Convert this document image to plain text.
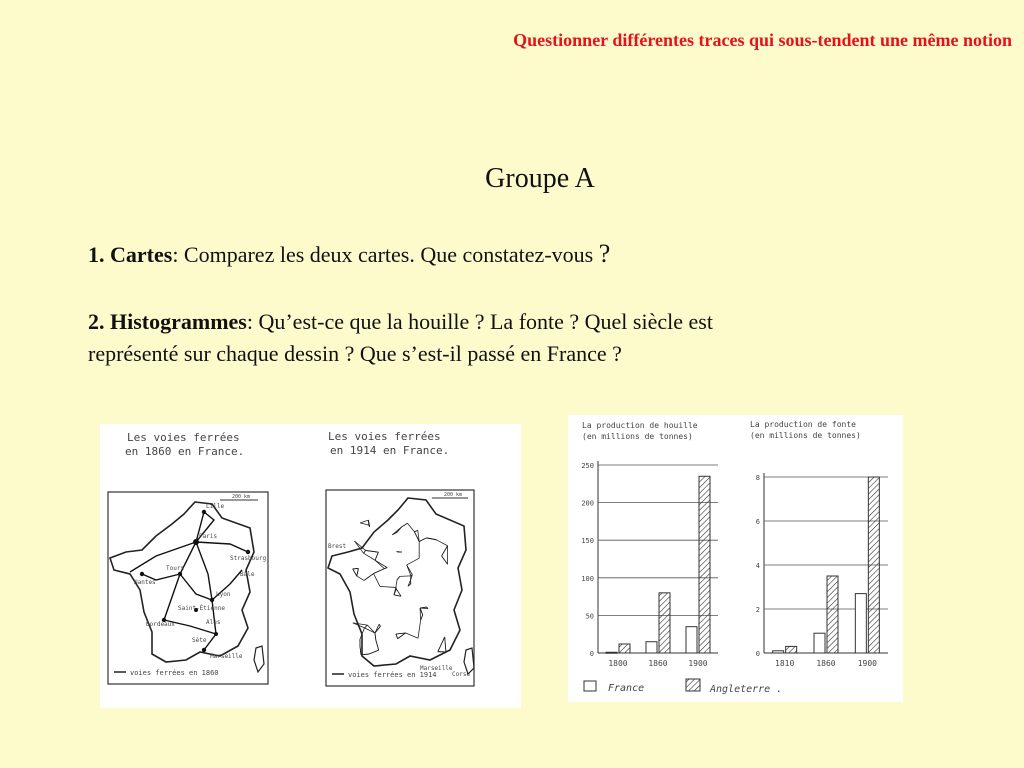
Questionner différentes traces qui sous-tendent une même notion
Groupe A
1. Cartes: Comparez les deux cartes. Que constatez-vous ?
2. Histogrammes: Qu’est-ce que la houille ? La fonte ? Quel siècle est représenté sur chaque dessin ? Que s’est-il passé en France ?
Les voies ferrées
en 1860 en France.
Les voies ferrées
en 1914 en France.
Lille
Paris
Strasbourg
Tours
Nantes
Bâle
Lyon
Saint-Étienne
Bordeaux	Alès
Sète
Marseille
200 km
voies ferrées en 1860
200 km
Brest
Marseille
Corse
voies ferrées en 1914
La production de houille
(en millions de tonnes)
La production de fonte
(en millions de tonnes)
0
50
100
150
200
250
1800	1860	1900
0
2
4
6
8
1810	1860	1900
France	Angleterre .
